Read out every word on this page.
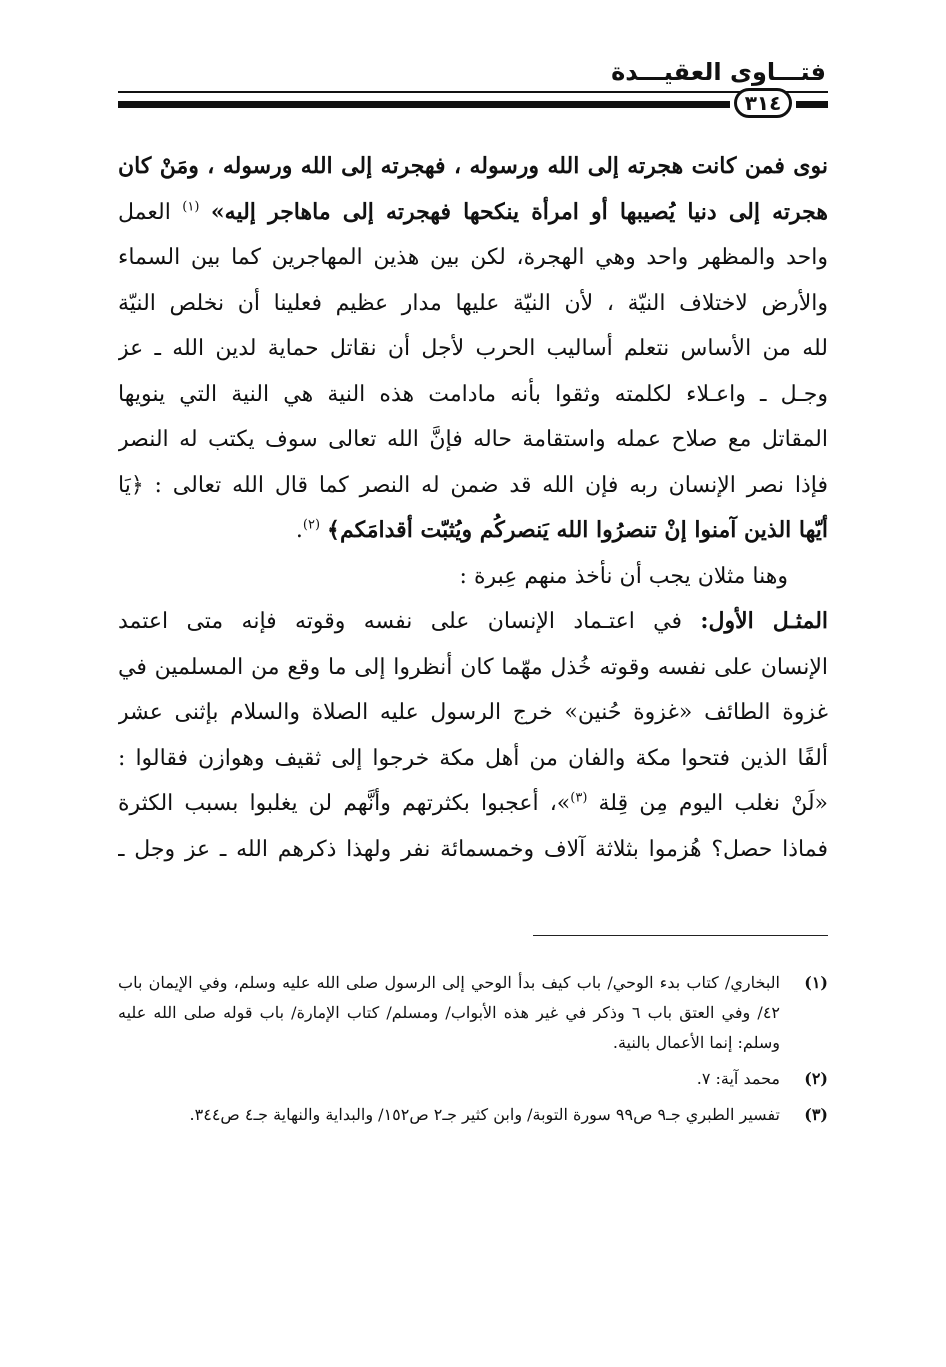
فتـــاوى العقيـــدة
٣١٤
نوى فمن كانت هجرته إلى الله ورسوله ، فهجرته إلى الله ورسوله ، ومَنْ كان
هجرته إلى دنيا يُصيبها أو امرأة ينكحها فهجرته إلى ماهاجر إليه» $^{(١)}$ العمل
واحد والمظهر واحد وهي الهجرة، لكن بين هذين المهاجرين كما بين السماء
والأرض لاختلاف النيّة ، لأن النيّة عليها مدار عظيم فعلينا أن نخلص النيّة
لله من الأساس نتعلم أساليب الحرب لأجل أن نقاتل حماية لدين الله ـ عز
وجـل ـ واعـلاء لكلمته وثقوا بأنه مادامت هذه النية هي النية التي ينويها
المقاتل مع صلاح عمله واستقامة حاله فإنَّ الله تعالى سوف يكتب له النصر
فإذا نصر الإنسان ربه فإن الله قد ضمن له النصر كما قال الله تعالى : ﴿يَا
أيّها الذين آمنوا إنْ تنصرُوا الله يَنصركُم ويُثبّت أقدامَكم﴾ $^{(٢)}$.
وهنا مثلان يجب أن نأخذ منهم عِبرة :
المثـل الأول: في اعتـماد الإنسان على نفسه وقوته فإنه متى اعتمد
الإنسان على نفسه وقوته خُذل مهّما كان أنظروا إلى ما وقع من المسلمين في
غزوة الطائف «غزوة حُنين» خرج الرسول عليه الصلاة والسلام بإثنى عشر
ألفًا الذين فتحوا مكة والفان من أهل مكة خرجوا إلى ثقيف وهوازن فقالوا :
«لَنْ نغلب اليوم مِن قِلة $^{(٣)}$»، أعجبوا بكثرتهم وأنَّهم لن يغلبوا بسبب الكثرة
فماذا حصل؟ هُزموا بثلاثة آلاف وخمسمائة نفر ولهذا ذكرهم الله ـ عز وجل ـ
(١)
البخاري/ كتاب بدء الوحي/ باب كيف بدأ الوحي إلى الرسول صلى الله عليه وسلم، وفي الإيمان باب ٤٢/ وفي العتق باب ٦ وذكر في غير هذه الأبواب/ ومسلم/ كتاب الإمارة/ باب قوله صلى الله عليه وسلم: إنما الأعمال بالنية.
(٢)
محمد آية: ٧.
(٣)
تفسير الطبري جـ٩ ص٩٩ سورة التوبة/ وابن كثير جـ٢ ص١٥٢/ والبداية والنهاية جـ٤ ص٣٤٤.
